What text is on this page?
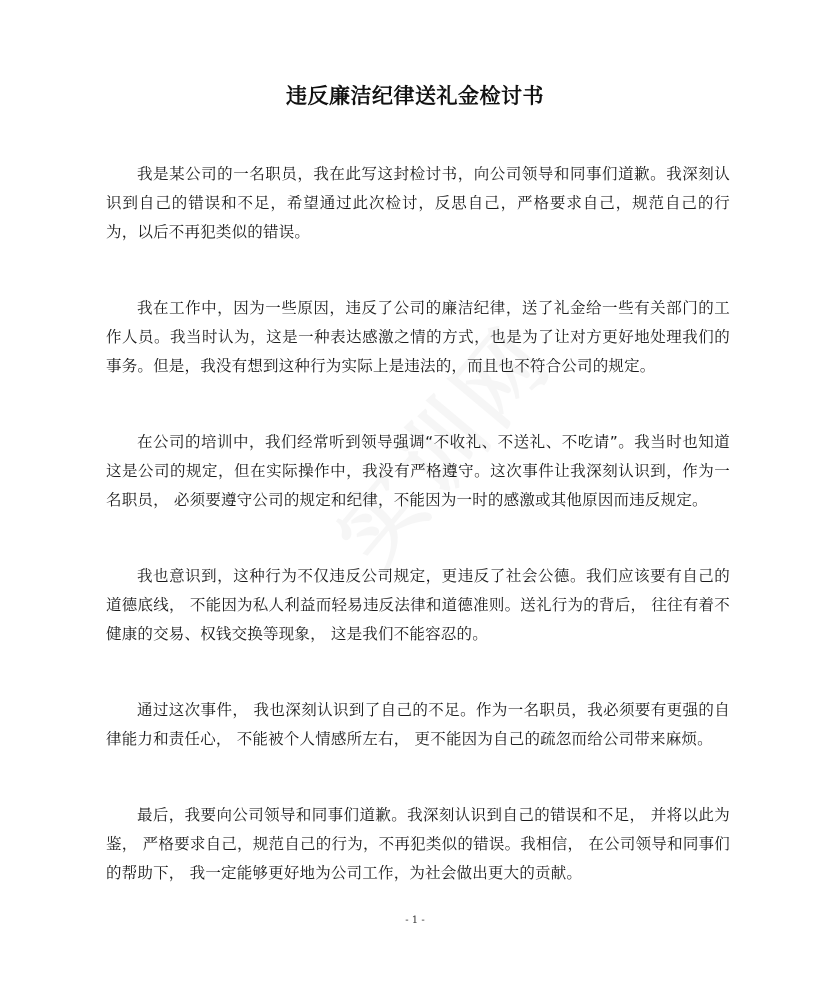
违反廉洁纪律送礼金检讨书

我是某公司的一名职员，我在此写这封检讨书，向公司领导和同事们道歉。我深刻认识到自己的错误和不足，希望通过此次检讨，反思自己，严格要求自己，规范自己的行为，以后不再犯类似的错误。

我在工作中，因为一些原因，违反了公司的廉洁纪律，送了礼金给一些有关部门的工作人员。我当时认为，这是一种表达感激之情的方式，也是为了让对方更好地处理我们的事务。但是，我没有想到这种行为实际上是违法的，而且也不符合公司的规定。

在公司的培训中，我们经常听到领导强调“不收礼、不送礼、不吃请”。我当时也知道这是公司的规定，但在实际操作中，我没有严格遵守。这次事件让我深刻认识到，作为一名职员， 必须要遵守公司的规定和纪律，不能因为一时的感激或其他原因而违反规定。

我也意识到，这种行为不仅违反公司规定，更违反了社会公德。我们应该要有自己的道德底线， 不能因为私人利益而轻易违反法律和道德准则。送礼行为的背后， 往往有着不健康的交易、权钱交换等现象， 这是我们不能容忍的。

通过这次事件， 我也深刻认识到了自己的不足。作为一名职员，我必须要有更强的自律能力和责任心， 不能被个人情感所左右， 更不能因为自己的疏忽而给公司带来麻烦。

最后，我要向公司领导和同事们道歉。我深刻认识到自己的错误和不足， 并将以此为鉴， 严格要求自己，规范自己的行为，不再犯类似的错误。我相信， 在公司领导和同事们的帮助下， 我一定能够更好地为公司工作，为社会做出更大的贡献。

- 1 -
